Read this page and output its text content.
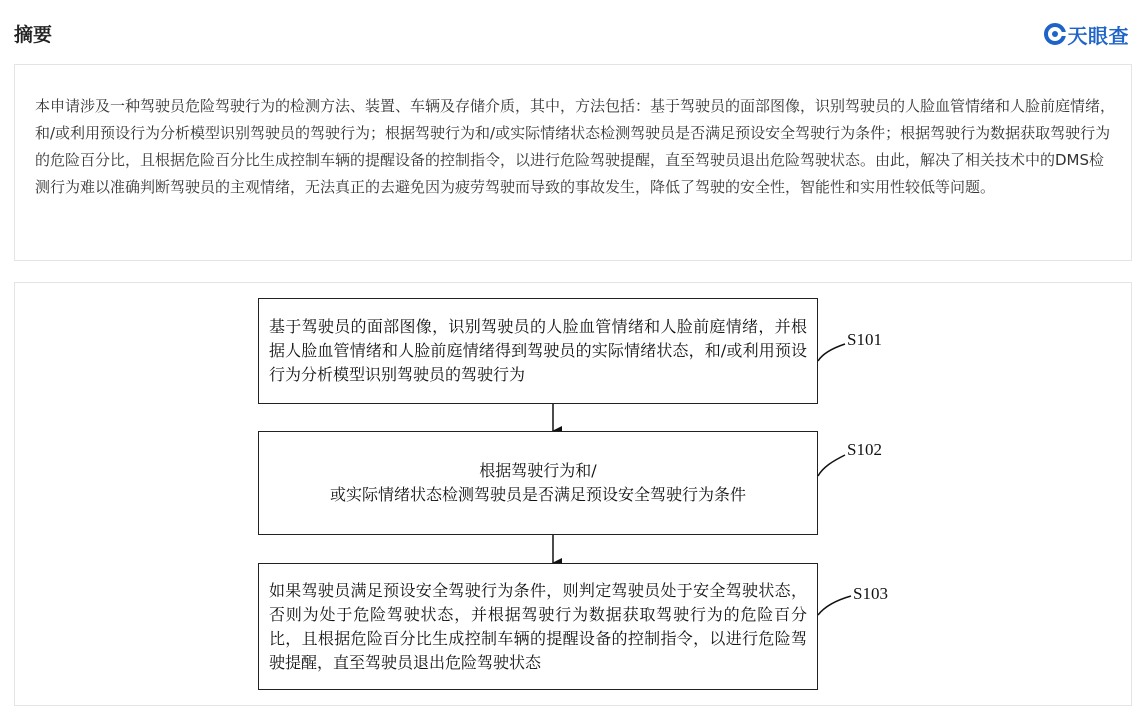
摘要	天眼查

本申请涉及一种驾驶员危险驾驶行为的检测方法、装置、车辆及存储介质，其中，方法包括：基于驾驶员的面部图像，识别驾驶员的人脸血管情绪和人脸前庭情绪，和/或利用预设行为分析模型识别驾驶员的驾驶行为；根据驾驶行为和/或实际情绪状态检测驾驶员是否满足预设安全驾驶行为条件；根据驾驶行为数据获取驾驶行为的危险百分比，且根据危险百分比生成控制车辆的提醒设备的控制指令，以进行危险驾驶提醒，直至驾驶员退出危险驾驶状态。由此，解决了相关技术中的DMS检测行为难以准确判断驾驶员的主观情绪，无法真正的去避免因为疲劳驾驶而导致的事故发生，降低了驾驶的安全性，智能性和实用性较低等问题。

基于驾驶员的面部图像，识别驾驶员的人脸血管情绪和人脸前庭情绪，并根据人脸血管情绪和人脸前庭情绪得到驾驶员的实际情绪状态，和/或利用预设行为分析模型识别驾驶员的驾驶行为

S101

根据驾驶行为和/
或实际情绪状态检测驾驶员是否满足预设安全驾驶行为条件

S102

如果驾驶员满足预设安全驾驶行为条件，则判定驾驶员处于安全驾驶状态，否则为处于危险驾驶状态，并根据驾驶行为数据获取驾驶行为的危险百分比，且根据危险百分比生成控制车辆的提醒设备的控制指令，以进行危险驾驶提醒，直至驾驶员退出危险驾驶状态

S103
